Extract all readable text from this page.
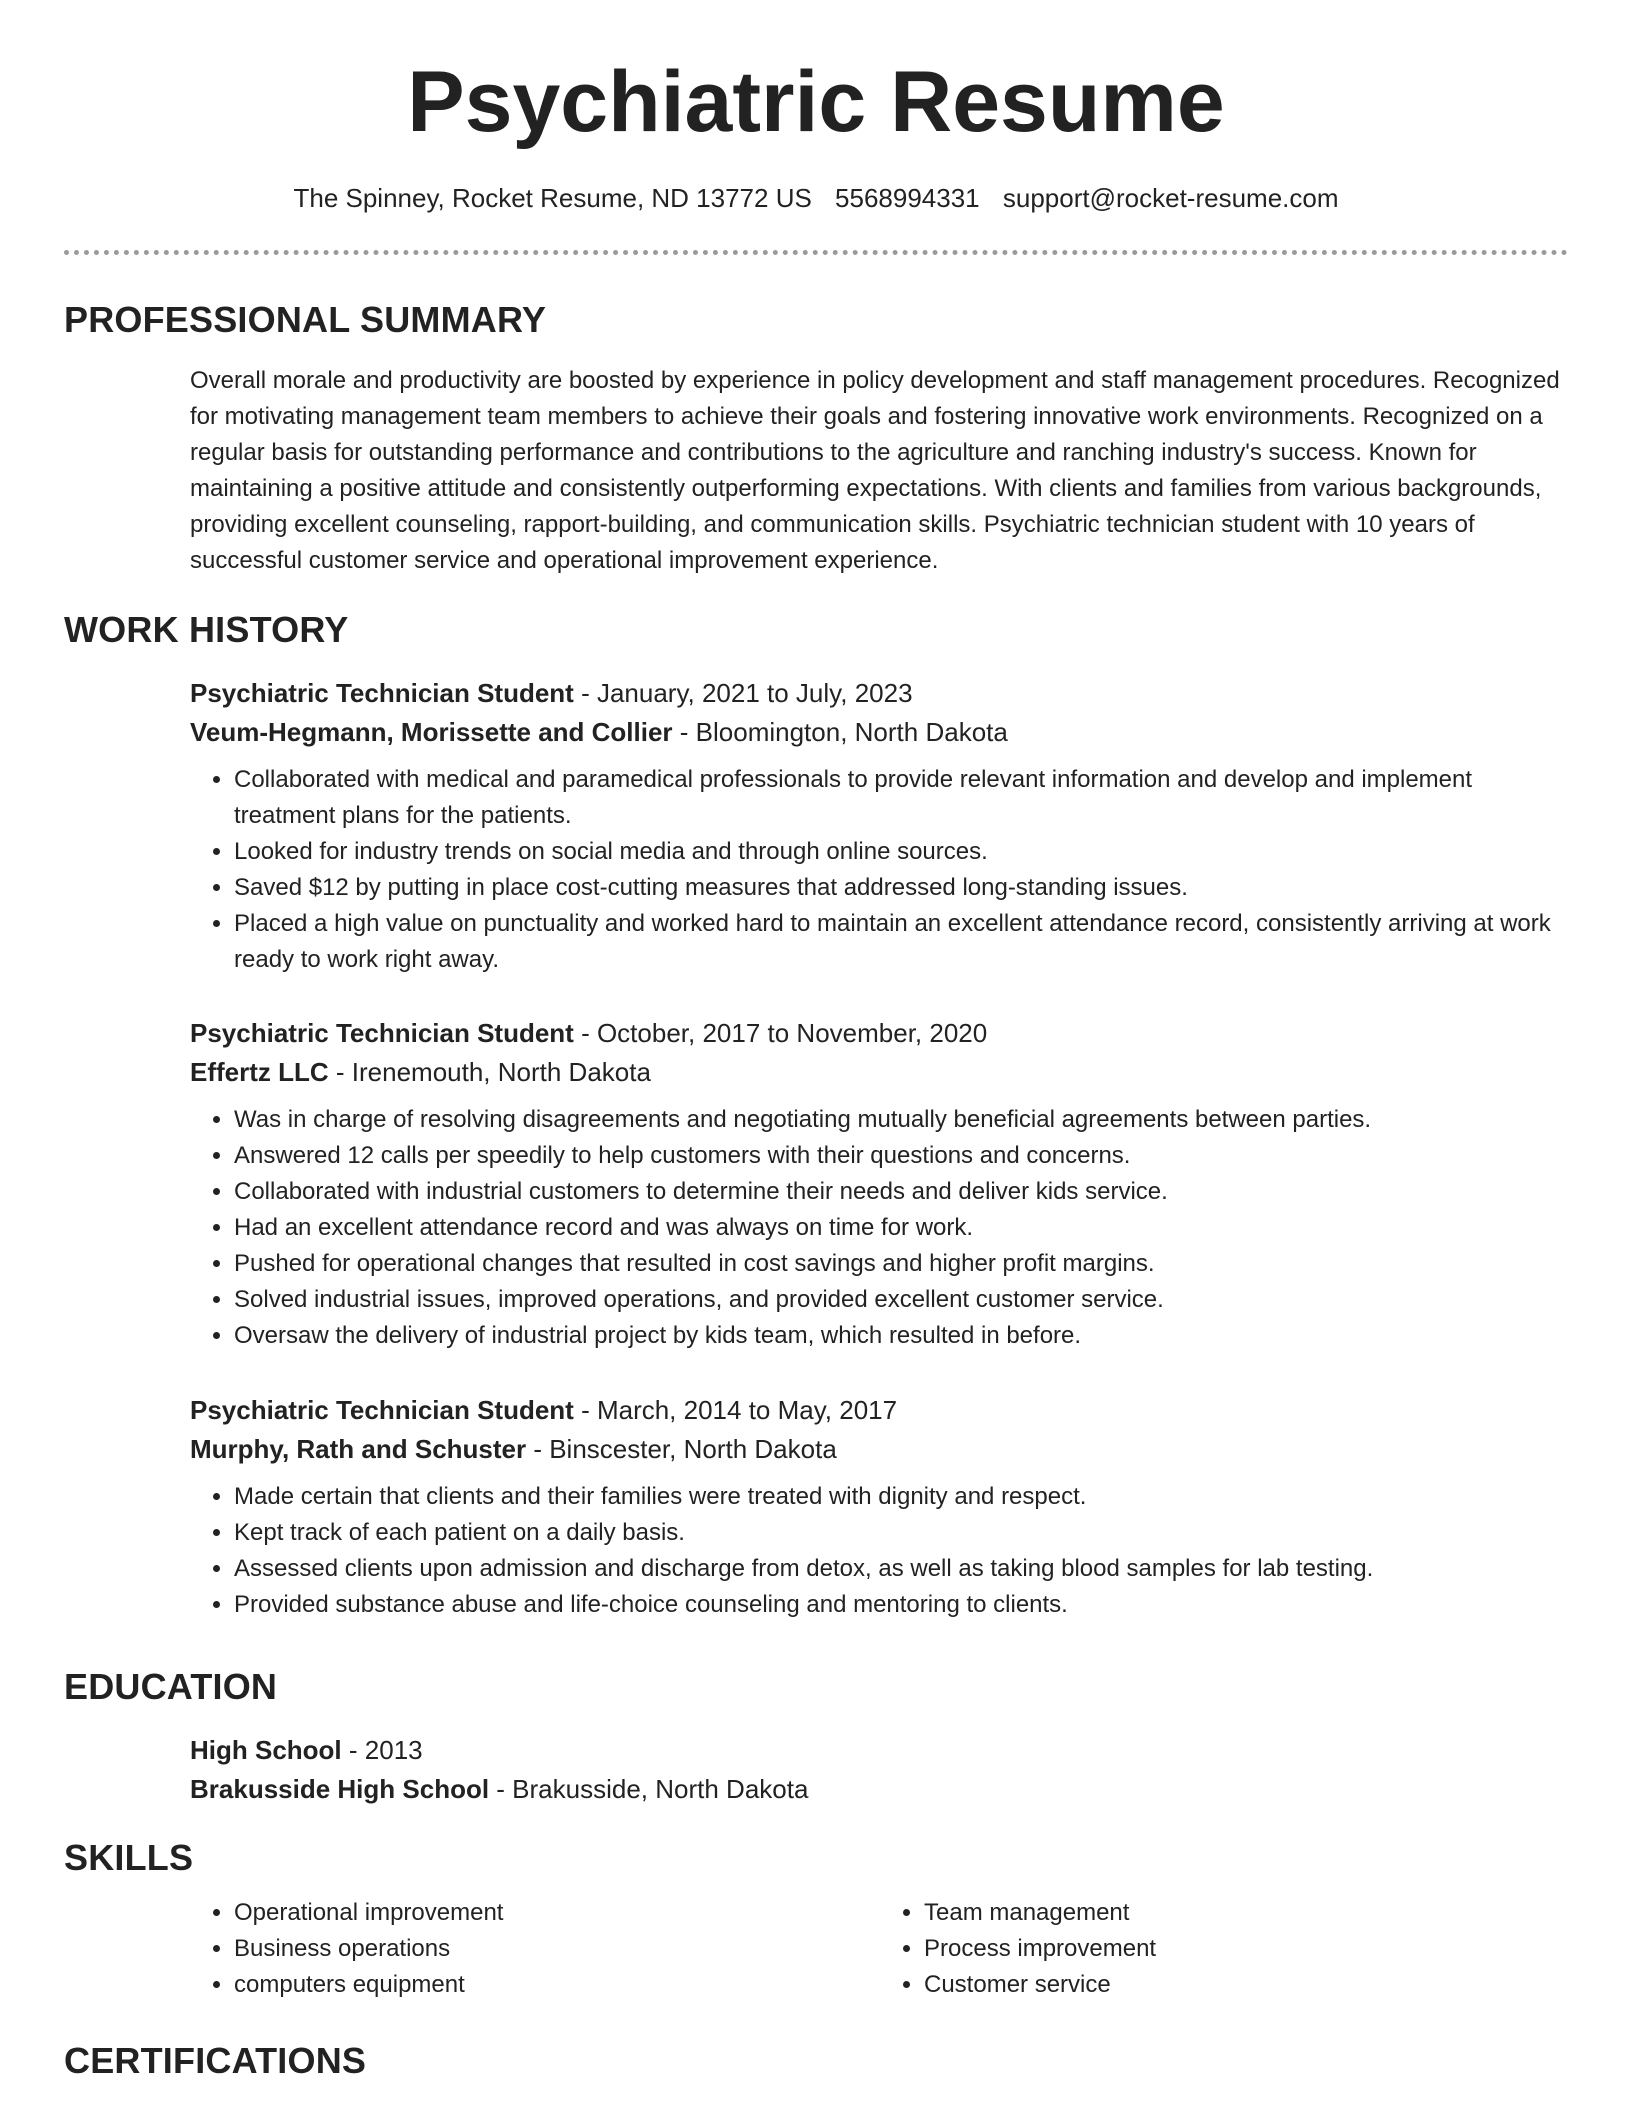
Psychiatric Resume
The Spinney, Rocket Resume, ND 13772 US 5568994331 support@rocket-resume.com
PROFESSIONAL SUMMARY

Overall morale and productivity are boosted by experience in policy development and staff management procedures. Recognized for motivating management team members to achieve their goals and fostering innovative work environments. Recognized on a regular basis for outstanding performance and contributions to the agriculture and ranching industry's success. Known for maintaining a positive attitude and consistently outperforming expectations. With clients and families from various backgrounds, providing excellent counseling, rapport-building, and communication skills. Psychiatric technician student with 10 years of successful customer service and operational improvement experience.

WORK HISTORY
Psychiatric Technician Student - January, 2021 to July, 2023
Veum-Hegmann, Morissette and Collier - Bloomington, North Dakota
• Collaborated with medical and paramedical professionals to provide relevant information and develop and implement treatment plans for the patients.
• Looked for industry trends on social media and through online sources.
• Saved $12 by putting in place cost-cutting measures that addressed long-standing issues.
• Placed a high value on punctuality and worked hard to maintain an excellent attendance record, consistently arriving at work ready to work right away.
Psychiatric Technician Student - October, 2017 to November, 2020
Effertz LLC - Irenemouth, North Dakota
• Was in charge of resolving disagreements and negotiating mutually beneficial agreements between parties.
• Answered 12 calls per speedily to help customers with their questions and concerns.
• Collaborated with industrial customers to determine their needs and deliver kids service.
• Had an excellent attendance record and was always on time for work.
• Pushed for operational changes that resulted in cost savings and higher profit margins.
• Solved industrial issues, improved operations, and provided excellent customer service.
• Oversaw the delivery of industrial project by kids team, which resulted in before.
Psychiatric Technician Student - March, 2014 to May, 2017
Murphy, Rath and Schuster - Binscester, North Dakota
• Made certain that clients and their families were treated with dignity and respect.
• Kept track of each patient on a daily basis.
• Assessed clients upon admission and discharge from detox, as well as taking blood samples for lab testing.
• Provided substance abuse and life-choice counseling and mentoring to clients.
EDUCATION
High School - 2013
Brakusside High School - Brakusside, North Dakota
SKILLS
• Operational improvement
• Business operations
• computers equipment
• Team management
• Process improvement
• Customer service
CERTIFICATIONS
